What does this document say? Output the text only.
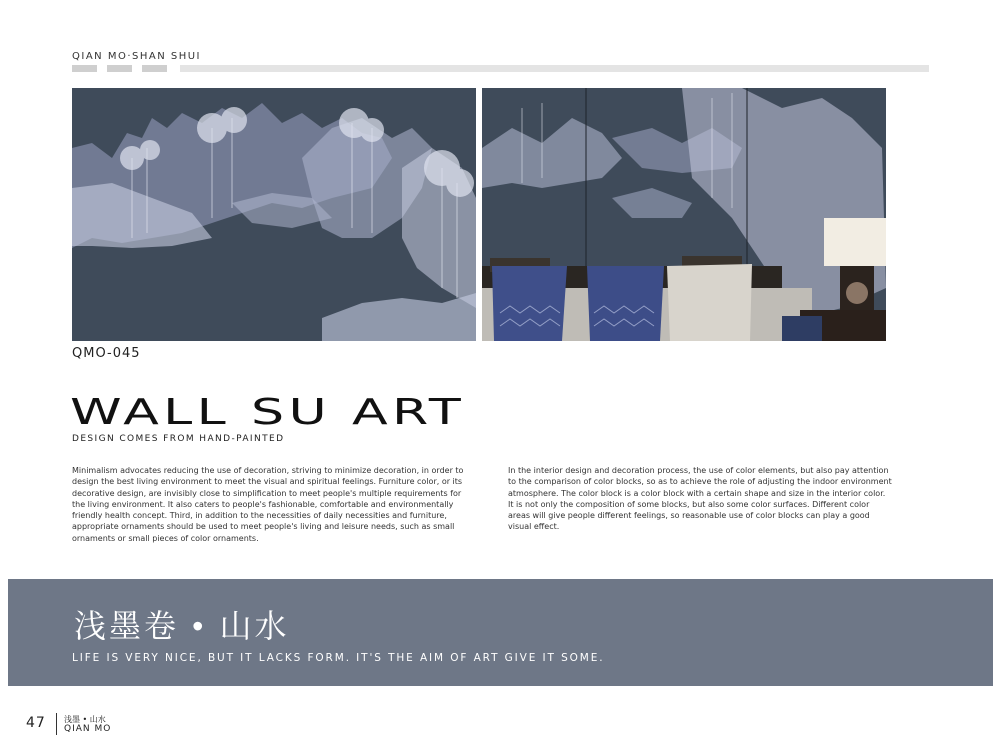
QIAN MO·SHAN SHUI
QMO-045
WALL SU ART
DESIGN COMES FROM HAND-PAINTED

Minimalism advocates reducing the use of decoration, striving to minimize decoration, in order to design the best living environment to meet the visual and spiritual feelings. Furniture color, or its decorative design, are invisibly close to simplification to meet people's multiple requirements for the living environment. It also caters to people's fashionable, comfortable and environmentally friendly health concept. Third, in addition to the necessities of daily necessities and furniture, appropriate ornaments should be used to meet people's living and leisure needs, such as small ornaments or small pieces of color ornaments.

In the interior design and decoration process, the use of color elements, but also pay attention to the comparison of color blocks, so as to achieve the role of adjusting the indoor environment atmosphere. The color block is a color block with a certain shape and size in the interior color. It is not only the composition of some blocks, but also some color surfaces. Different color areas will give people different feelings, so reasonable use of color blocks can play a good visual effect.

浅墨卷 • 山水
LIFE IS VERY NICE, BUT IT LACKS FORM. IT'S THE AIM OF ART GIVE IT SOME.
47 浅墨 • 山水
QIAN MO
